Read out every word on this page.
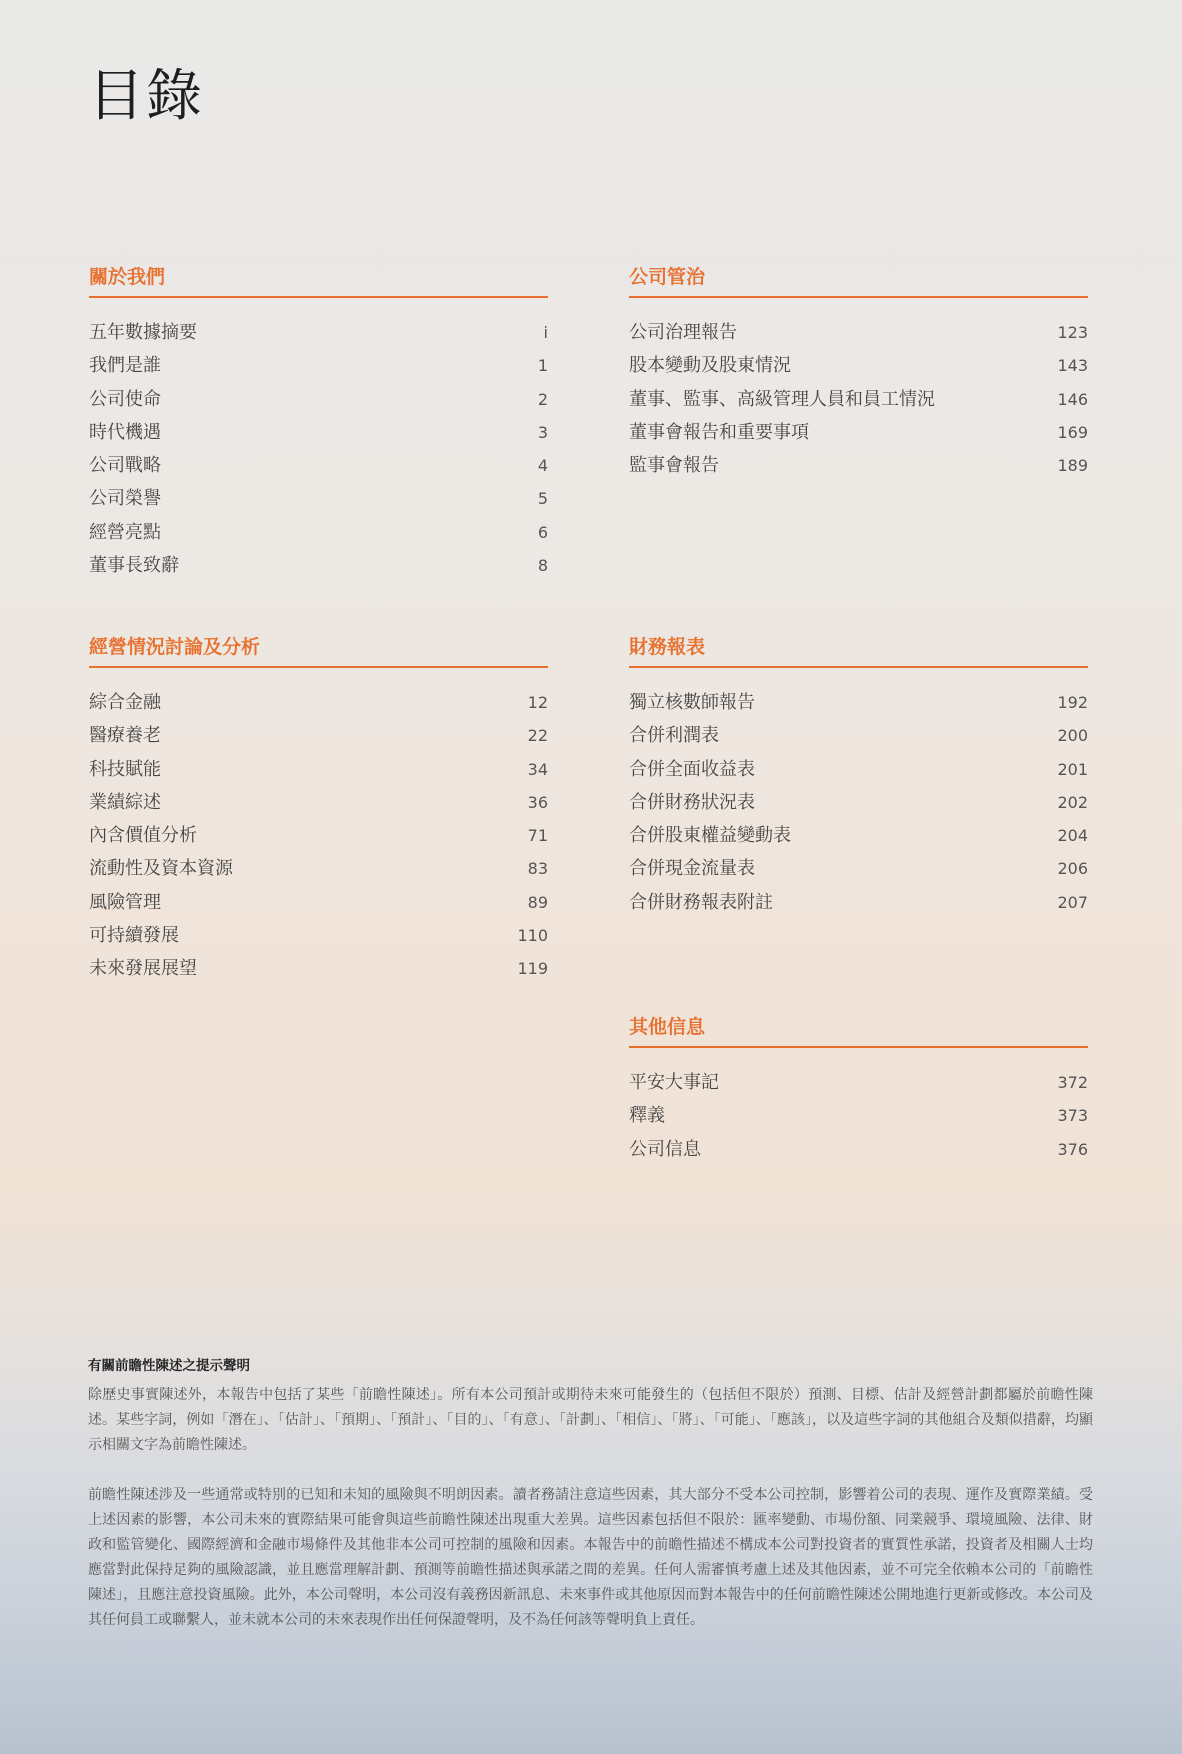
目錄
關於我們
五年數據摘要	i
我們是誰	1
公司使命	2
時代機遇	3
公司戰略	4
公司榮譽	5
經營亮點	6
董事長致辭	8
公司管治
公司治理報告	123
股本變動及股東情況	143
董事、監事、高級管理人員和員工情況	146
董事會報告和重要事項	169
監事會報告	189
經營情況討論及分析
綜合金融	12
醫療養老	22
科技賦能	34
業績綜述	36
內含價值分析	71
流動性及資本資源	83
風險管理	89
可持續發展	110
未來發展展望	119
財務報表
獨立核數師報告	192
合併利潤表	200
合併全面收益表	201
合併財務狀況表	202
合併股東權益變動表	204
合併現金流量表	206
合併財務報表附註	207
其他信息
平安大事記	372
釋義	373
公司信息	376
有關前瞻性陳述之提示聲明

除歷史事實陳述外，本報告中包括了某些「前瞻性陳述」。所有本公司預計或期待未來可能發生的（包括但不限於）預測、目標、估計及經營計劃都屬於前瞻性陳述。某些字詞，例如「潛在」、「估計」、「預期」、「預計」、「目的」、「有意」、「計劃」、「相信」、「將」、「可能」、「應該」，以及這些字詞的其他組合及類似措辭，均顯示相關文字為前瞻性陳述。

前瞻性陳述涉及一些通常或特別的已知和未知的風險與不明朗因素。讀者務請注意這些因素，其大部分不受本公司控制，影響着公司的表現、運作及實際業績。受上述因素的影響，本公司未來的實際結果可能會與這些前瞻性陳述出現重大差異。這些因素包括但不限於：匯率變動、市場份額、同業競爭、環境風險、法律、財政和監管變化、國際經濟和金融市場條件及其他非本公司可控制的風險和因素。本報告中的前瞻性描述不構成本公司對投資者的實質性承諾，投資者及相關人士均應當對此保持足夠的風險認識，並且應當理解計劃、預測等前瞻性描述與承諾之間的差異。任何人需審慎考慮上述及其他因素，並不可完全依賴本公司的「前瞻性陳述」，且應注意投資風險。此外，本公司聲明，本公司沒有義務因新訊息、未來事件或其他原因而對本報告中的任何前瞻性陳述公開地進行更新或修改。本公司及其任何員工或聯繫人，並未就本公司的未來表現作出任何保證聲明，及不為任何該等聲明負上責任。
